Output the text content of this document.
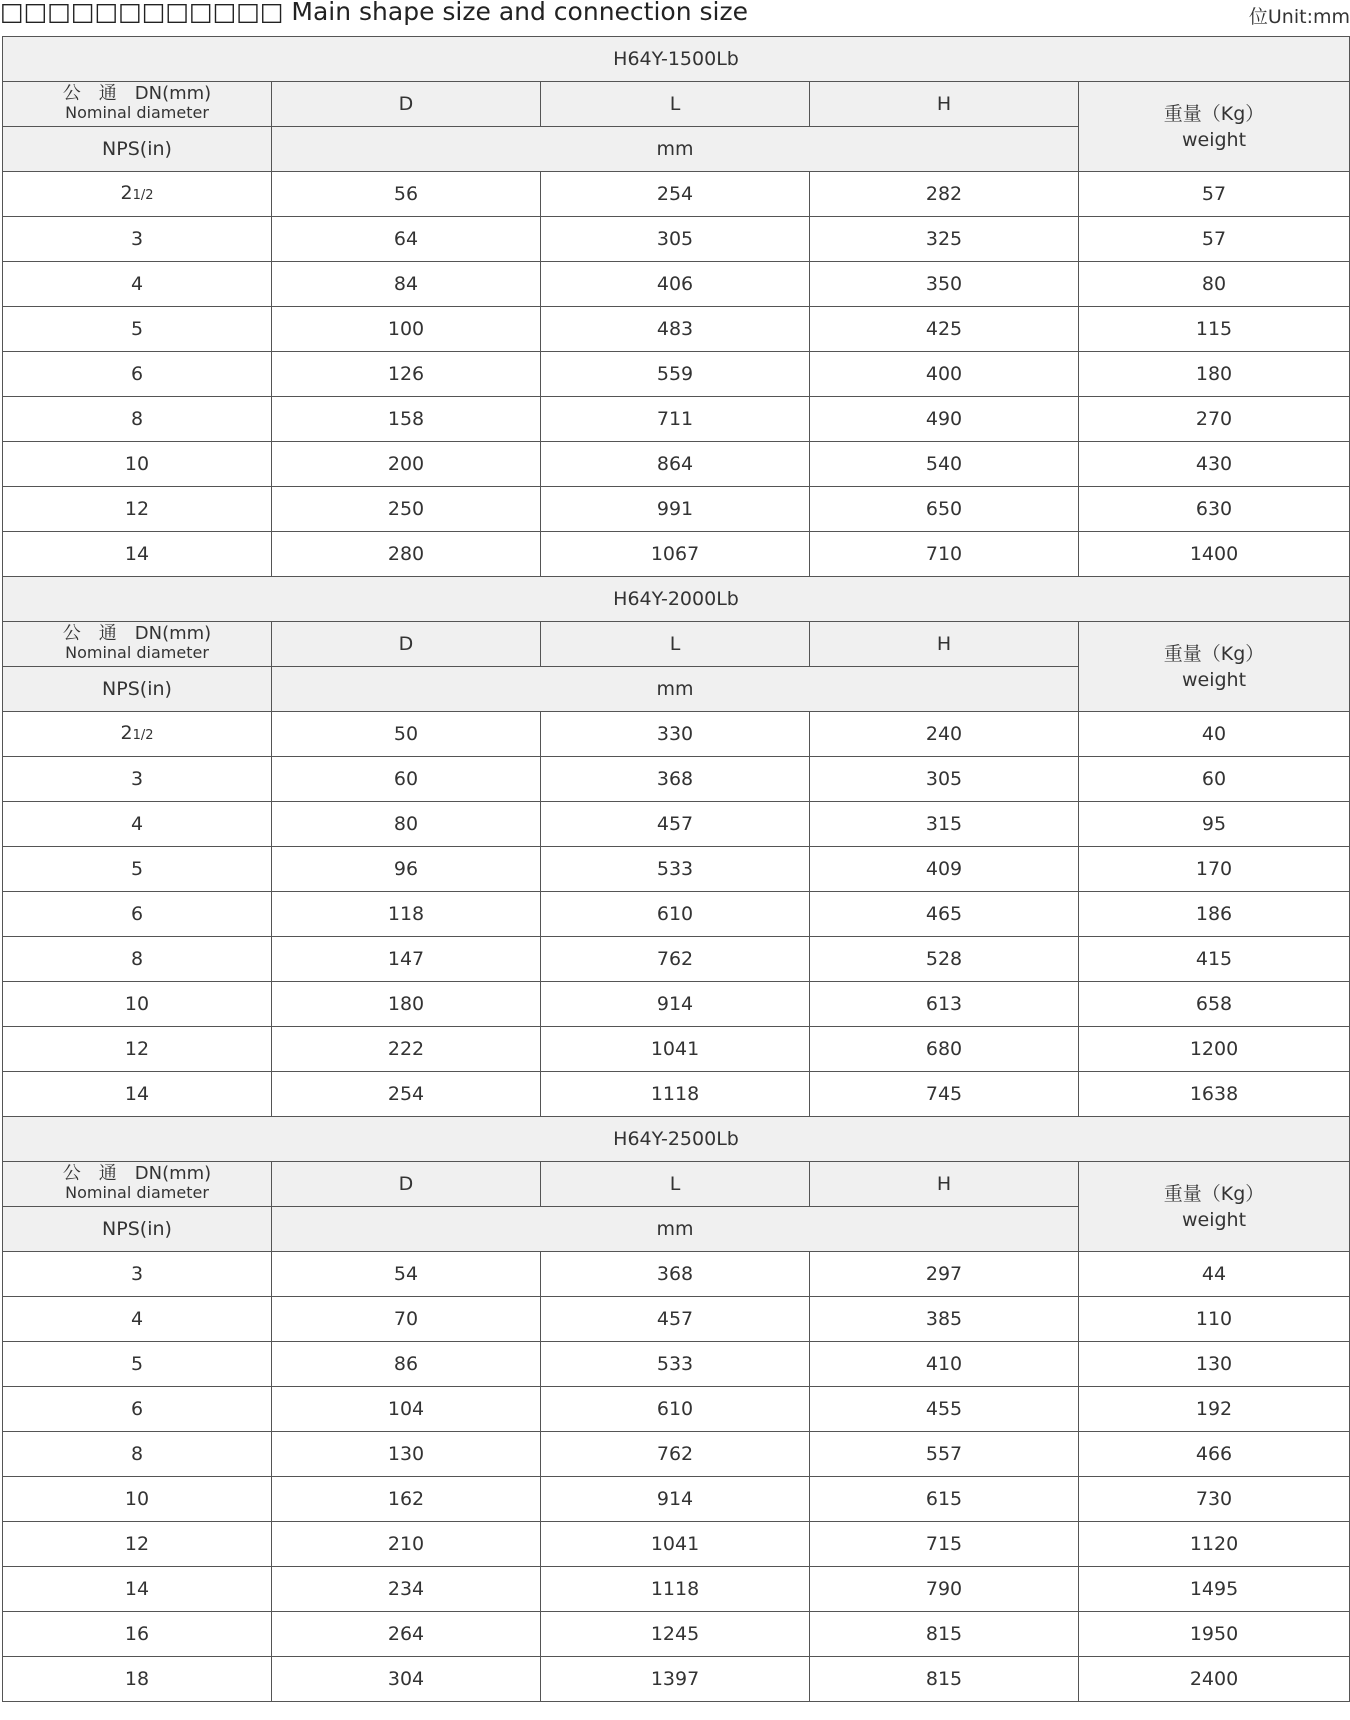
□□□□□□□□□□□□ Main shape size and connection size	位Unit:mm
H64Y-1500Lb				

公　通　DN(mm)
Nominal diameter	D	L	H	重量（Kg）
weight

NPS(in)	mm			
21/2	56	254	282	57
3	64	305	325	57
4	84	406	350	80
5	100	483	425	115
6	126	559	400	180
8	158	711	490	270
10	200	864	540	430
12	250	991	650	630
14	280	1067	710	1400
H64Y-2000Lb				

公　通　DN(mm)
Nominal diameter	D	L	H	重量（Kg）
weight

NPS(in)	mm			
21/2	50	330	240	40
3	60	368	305	60
4	80	457	315	95
5	96	533	409	170
6	118	610	465	186
8	147	762	528	415
10	180	914	613	658
12	222	1041	680	1200
14	254	1118	745	1638
H64Y-2500Lb				

公　通　DN(mm)
Nominal diameter	D	L	H	重量（Kg）
weight

NPS(in)	mm			
3	54	368	297	44
4	70	457	385	110
5	86	533	410	130
6	104	610	455	192
8	130	762	557	466
10	162	914	615	730
12	210	1041	715	1120
14	234	1118	790	1495
16	264	1245	815	1950
18	304	1397	815	2400
